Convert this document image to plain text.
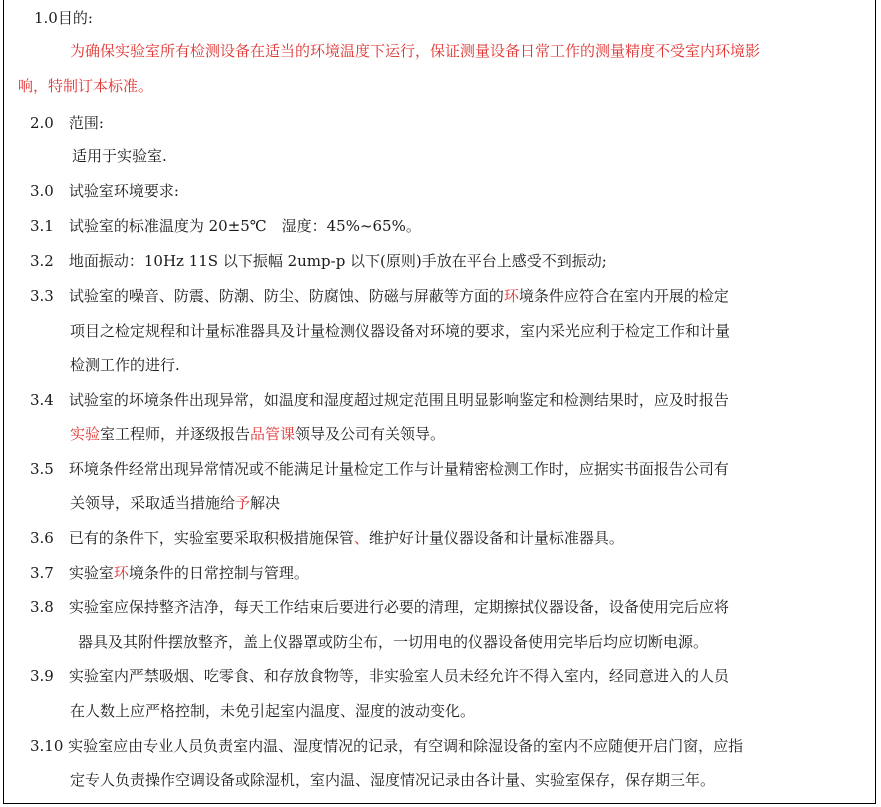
1.0目的:
为确保实验室所有检测设备在适当的环境温度下运行，保证测量设备日常工作的测量精度不受室内环境影
响，特制订本标准。
2.0　范围:
适用于实验室.
3.0　试验室环境要求:
3.1　试验室的标准温度为 20±5℃　湿度：45%~65%。
3.2　地面振动：10Hz 11S 以下振幅 2ump-p 以下(原则)手放在平台上感受不到振动;
3.3　试验室的噪音、防震、防潮、防尘、防腐蚀、防磁与屏蔽等方面的环境条件应符合在室内开展的检定
项目之检定规程和计量标准器具及计量检测仪器设备对环境的要求，室内采光应利于检定工作和计量
检测工作的进行.
3.4　试验室的坏境条件出现异常，如温度和湿度超过规定范围且明显影响鉴定和检测结果时，应及时报告
实验室工程师，并逐级报告品管课领导及公司有关领导。
3.5　环境条件经常出现异常情况或不能满足计量检定工作与计量精密检测工作时，应据实书面报告公司有
关领导，采取适当措施给予解决
3.6　已有的条件下，实验室要采取积极措施保管、维护好计量仪器设备和计量标准器具。
3.7　实验室环境条件的日常控制与管理。
3.8　实验室应保持整齐洁净，每天工作结束后要进行必要的清理，定期擦拭仪器设备，设备使用完后应将
器具及其附件摆放整齐，盖上仪器罩或防尘布，一切用电的仪器设备使用完毕后均应切断电源。
3.9　实验室内严禁吸烟、吃零食、和存放食物等，非实验室人员未经允许不得入室内，经同意进入的人员
在人数上应严格控制，未免引起室内温度、湿度的波动变化。
3.10 实验室应由专业人员负责室内温、湿度情况的记录，有空调和除湿设备的室内不应随便开启门窗，应指
定专人负责操作空调设备或除湿机，室内温、湿度情况记录由各计量、实验室保存，保存期三年。
